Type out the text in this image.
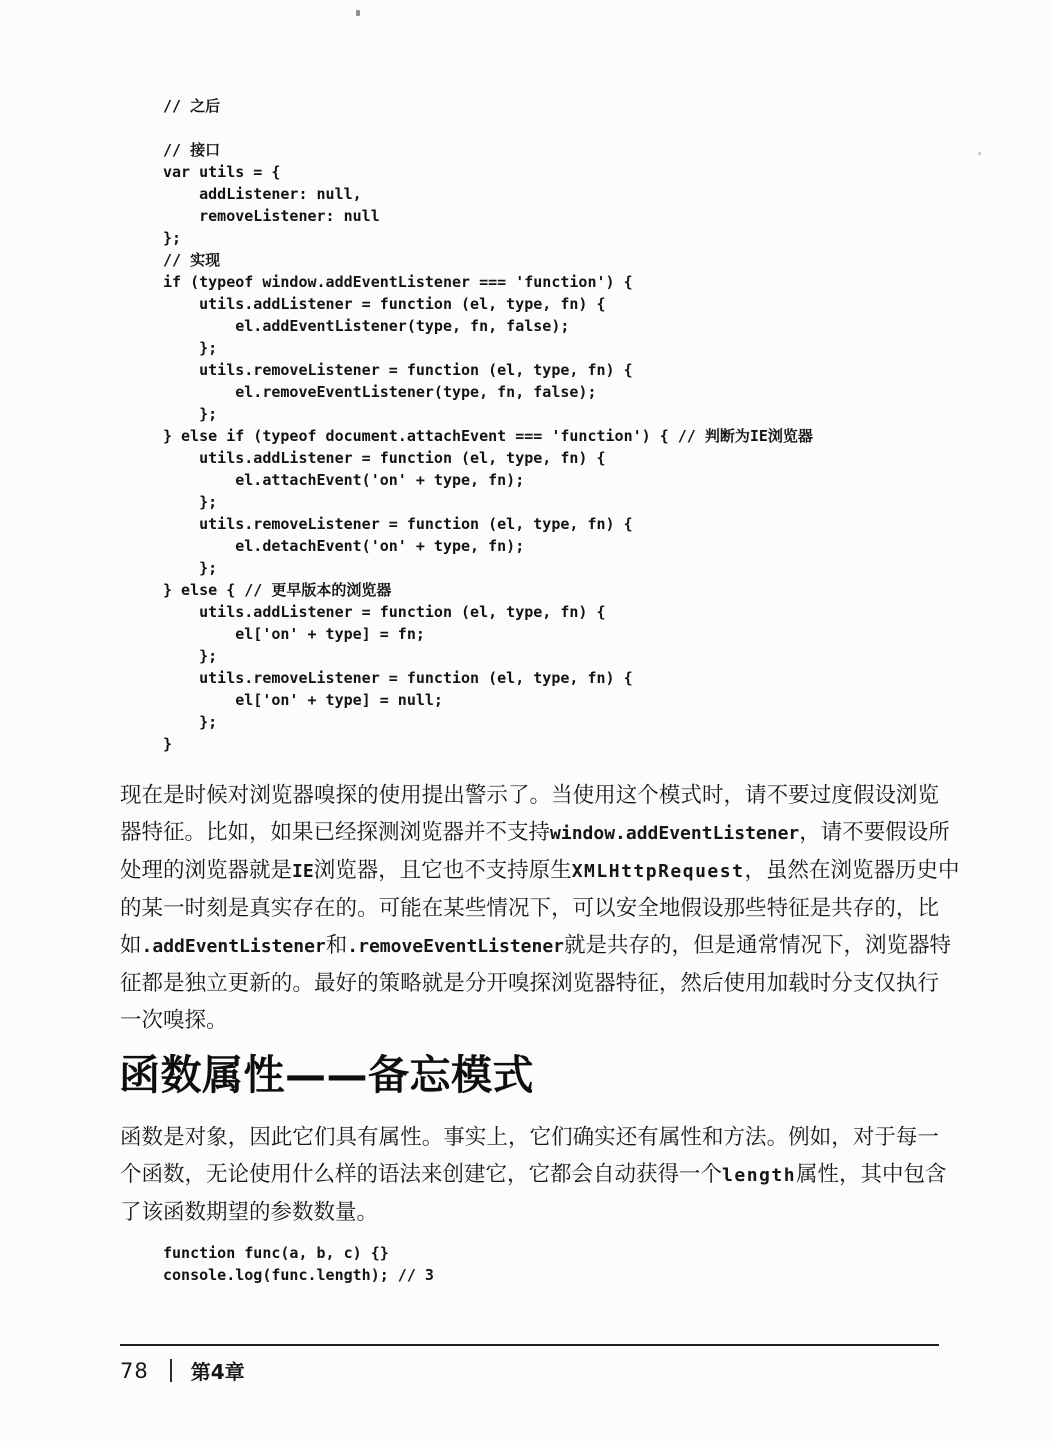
// 之后

// 接口
var utils = {
addListener: null,
removeListener: null
};
// 实现
if (typeof window.addEventListener === 'function') {
utils.addListener = function (el, type, fn) {
el.addEventListener(type, fn, false);
};
utils.removeListener = function (el, type, fn) {
el.removeEventListener(type, fn, false);
};
} else if (typeof document.attachEvent === 'function') { // 判断为IE浏览器
utils.addListener = function (el, type, fn) {
el.attachEvent('on' + type, fn);
};
utils.removeListener = function (el, type, fn) {
el.detachEvent('on' + type, fn);
};
} else { // 更早版本的浏览器
utils.addListener = function (el, type, fn) {
el['on' + type] = fn;
};
utils.removeListener = function (el, type, fn) {
el['on' + type] = null;
};
}
现在是时候对浏览器嗅探的使用提出警示了。当使用这个模式时，请不要过度假设浏览
器特征。比如，如果已经探测浏览器并不支持window.addEventListener，请不要假设所
处理的浏览器就是IE浏览器，且它也不支持原生XMLHttpRequest，虽然在浏览器历史中
的某一时刻是真实存在的。可能在某些情况下，可以安全地假设那些特征是共存的，比
如.addEventListener和.removeEventListener就是共存的，但是通常情况下，浏览器特
征都是独立更新的。最好的策略就是分开嗅探浏览器特征，然后使用加载时分支仅执行
一次嗅探。
函数属性——备忘模式
函数是对象，因此它们具有属性。事实上，它们确实还有属性和方法。例如，对于每一
个函数，无论使用什么样的语法来创建它，它都会自动获得一个length属性，其中包含
了该函数期望的参数数量。
function func(a, b, c) {}
console.log(func.length); // 3
78 第4章
